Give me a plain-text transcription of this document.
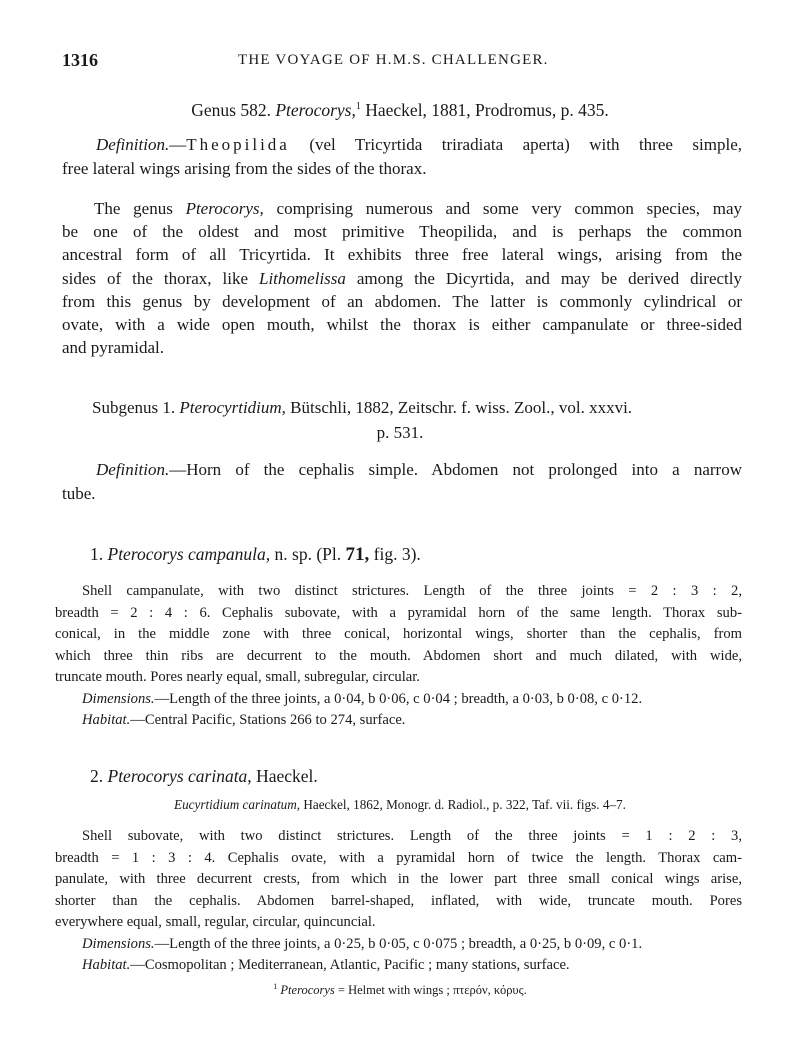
1316	THE VOYAGE OF H.M.S. CHALLENGER.
Genus 582. Pterocorys,$^1$ Haeckel, 1881, Prodromus, p. 435.
Definition.—Theopilida (vel Tricyrtida triradiata aperta) with three simple,
free lateral wings arising from the sides of the thorax.
The genus Pterocorys, comprising numerous and some very common species, may
be one of the oldest and most primitive Theopilida, and is perhaps the common
ancestral form of all Tricyrtida. It exhibits three free lateral wings, arising from the
sides of the thorax, like Lithomelissa among the Dicyrtida, and may be derived directly
from this genus by development of an abdomen. The latter is commonly cylindrical or
ovate, with a wide open mouth, whilst the thorax is either campanulate or three-sided
and pyramidal.
Subgenus 1. Pterocyrtidium, Bütschli, 1882, Zeitschr. f. wiss. Zool., vol. xxxvi.
p. 531.
Definition.—Horn of the cephalis simple. Abdomen not prolonged into a narrow
tube.
1. Pterocorys campanula, n. sp. (Pl. 71, fig. 3).
Shell campanulate, with two distinct strictures. Length of the three joints = 2 : 3 : 2,
breadth = 2 : 4 : 6. Cephalis subovate, with a pyramidal horn of the same length. Thorax sub-
conical, in the middle zone with three conical, horizontal wings, shorter than the cephalis, from
which three thin ribs are decurrent to the mouth. Abdomen short and much dilated, with wide,
truncate mouth. Pores nearly equal, small, subregular, circular.
Dimensions.—Length of the three joints, a 0·04, b 0·06, c 0·04 ; breadth, a 0·03, b 0·08, c 0·12.
Habitat.—Central Pacific, Stations 266 to 274, surface.
2. Pterocorys carinata, Haeckel.
Eucyrtidium carinatum, Haeckel, 1862, Monogr. d. Radiol., p. 322, Taf. vii. figs. 4–7.
Shell subovate, with two distinct strictures. Length of the three joints = 1 : 2 : 3,
breadth = 1 : 3 : 4. Cephalis ovate, with a pyramidal horn of twice the length. Thorax cam-
panulate, with three decurrent crests, from which in the lower part three small conical wings arise,
shorter than the cephalis. Abdomen barrel-shaped, inflated, with wide, truncate mouth. Pores
everywhere equal, small, regular, circular, quincuncial.
Dimensions.—Length of the three joints, a 0·25, b 0·05, c 0·075 ; breadth, a 0·25, b 0·09, c 0·1.
Habitat.—Cosmopolitan ; Mediterranean, Atlantic, Pacific ; many stations, surface.
$^1$ Pterocorys = Helmet with wings ; πτερόν, κόρυς.
